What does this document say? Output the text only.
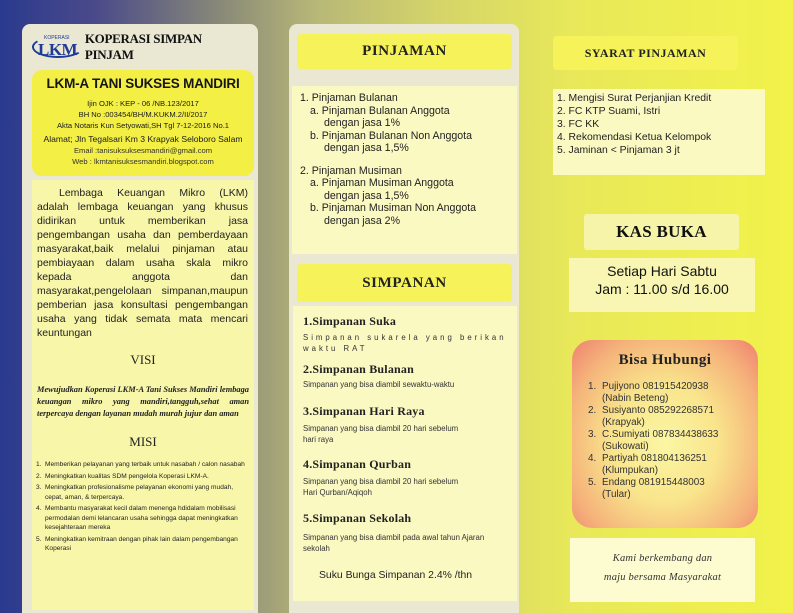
KOPERASI
LKM
KOPERASI SIMPAN PINJAM
LKM-A TANI SUKSES MANDIRI
Ijin OJK : KEP - 06 /NB.123/2017
BH No :003454/BH/M.KUKM.2/II/2017
Akta Notaris Kun Setyowati,SH Tgl 7-12-2016 No.1
Alamat; Jln Tegalsari Km 3 Krapyak Seloboro Salam
Email :tanisuksuksesmandiri@gmail.com
Web : lkmtanisuksesmandiri.blogspot.com
Lembaga Keuangan Mikro (LKM) adalah lembaga keuangan yang khusus didirikan untuk memberikan jasa pengembangan usaha dan pemberdayaan masyarakat,baik melalui pinjaman atau pembiayaan dalam usaha skala mikro kepada anggota dan masyarakat,pengelolaan simpanan,maupun pemberian jasa konsultasi pengembangan usaha yang tidak semata mata mencari keuntungan
VISI
Mewujudkan Koperasi LKM-A Tani Sukses Mandiri lembaga keuangan mikro yang mandiri,tangguh,sehat aman terpercaya dengan layanan mudah murah jujur dan aman
MISI
1. Memberikan pelayanan yang terbaik untuk nasabah / calon nasabah
2. Meningkatkan kualitas SDM pengelola Koperasi LKM-A.
3. Meningkatkan profesionalisme pelayanan ekonomi yang mudah, cepat, aman, & terpercaya.
4. Membantu masyarakat kecil dalam menenga hdidalam mobilisasi permodalan demi lelancaran usaha sehingga dapat meningkatkan kesejahteraan mereka
5. Meningkatkan kemitraan dengan pihak lain dalam pengembangan Koperasi
PINJAMAN
1. Pinjaman Bulanan
a. Pinjaman Bulanan Anggota
dengan jasa 1%
b. Pinjaman Bulanan Non Anggota
dengan jasa 1,5%
2. Pinjaman Musiman
a. Pinjaman Musiman Anggota
dengan jasa 1,5%
b. Pinjaman Musiman Non Anggota
dengan jasa 2%
SIMPANAN
1.Simpanan Suka
Simpanan sukarela yang berikan waktu RAT
2.Simpanan Bulanan
Simpanan yang bisa diambil sewaktu-waktu
3.Simpanan Hari Raya
Simpanan yang bisa diambil 20 hari sebelum hari raya
4.Simpanan Qurban
Simpanan yang bisa diambil 20 hari sebelum Hari Qurban/Aqiqoh
5.Simpanan Sekolah
Simpanan yang bisa diambil pada awal tahun Ajaran sekolah
Suku Bunga Simpanan 2.4% /thn
SYARAT PINJAMAN
1. Mengisi Surat Perjanjian Kredit
2. FC KTP Suami, Istri
3. FC KK
4. Rekomendasi Ketua Kelompok
5. Jaminan < Pinjaman 3 jt
KAS BUKA
Setiap Hari Sabtu
Jam : 11.00 s/d 16.00
Bisa Hubungi
1. Pujiyono 081915420938
(Nabin Beteng)
2. Susiyanto 085292268571
(Krapyak)
3. C.Sumiyati 087834438633
(Sukowati)
4. Partiyah 081804136251
(Klumpukan)
5. Endang 081915448003
(Tular)
Kami berkembang dan
maju bersama Masyarakat
